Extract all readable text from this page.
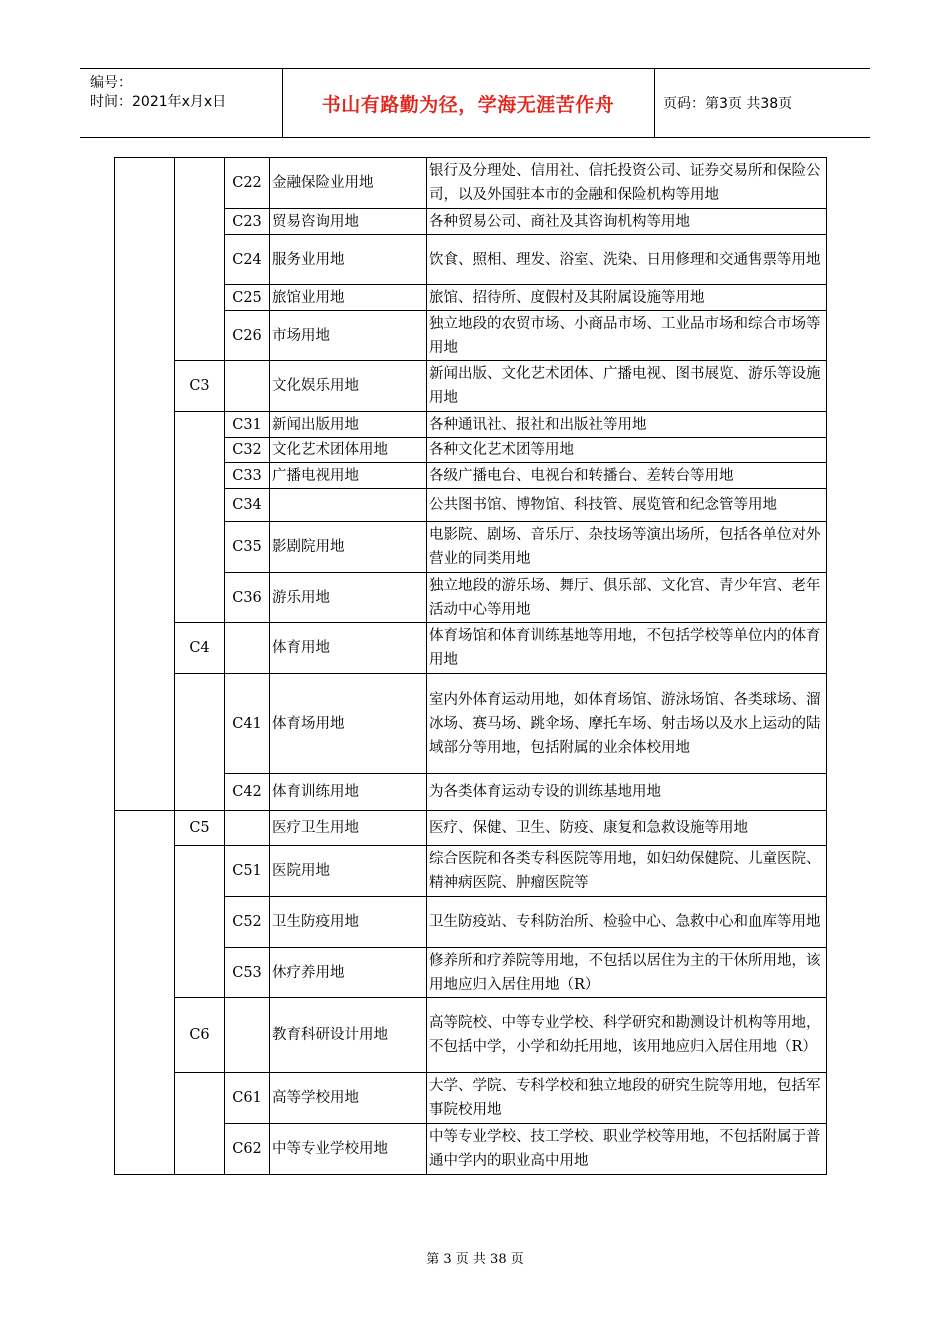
编号：
时间：2021年x月x日	书山有路勤为径，学海无涯苦作舟	页码：第3页 共38页
		C22	金融保险业用地	银行及分理处、信用社、信托投资公司、证券交易所和保险公司，以及外国驻本市的金融和保险机构等用地
		C23	贸易咨询用地	各种贸易公司、商社及其咨询机构等用地
		C24	服务业用地	饮食、照相、理发、浴室、洗染、日用修理和交通售票等用地
		C25	旅馆业用地	旅馆、招待所、度假村及其附属设施等用地
		C26	市场用地	独立地段的农贸市场、小商品市场、工业品市场和综合市场等用地
	C3		文化娱乐用地	新闻出版、文化艺术团体、广播电视、图书展览、游乐等设施用地
		C31	新闻出版用地	各种通讯社、报社和出版社等用地
		C32	文化艺术团体用地	各种文化艺术团等用地
		C33	广播电视用地	各级广播电台、电视台和转播台、差转台等用地
		C34		公共图书馆、博物馆、科技管、展览管和纪念管等用地
		C35	影剧院用地	电影院、剧场、音乐厅、杂技场等演出场所，包括各单位对外营业的同类用地
		C36	游乐用地	独立地段的游乐场、舞厅、俱乐部、文化宫、青少年宫、老年活动中心等用地
	C4		体育用地	体育场馆和体育训练基地等用地，不包括学校等单位内的体育用地
		C41	体育场用地	室内外体育运动用地，如体育场馆、游泳场馆、各类球场、溜冰场、赛马场、跳伞场、摩托车场、射击场以及水上运动的陆域部分等用地，包括附属的业余体校用地
		C42	体育训练用地	为各类体育运动专设的训练基地用地
	C5		医疗卫生用地	医疗、保健、卫生、防疫、康复和急救设施等用地
		C51	医院用地	综合医院和各类专科医院等用地，如妇幼保健院、儿童医院、精神病医院、肿瘤医院等
		C52	卫生防疫用地	卫生防疫站、专科防治所、检验中心、急救中心和血库等用地
		C53	休疗养用地	修养所和疗养院等用地，不包括以居住为主的干休所用地，该用地应归入居住用地（R）
	C6		教育科研设计用地	高等院校、中等专业学校、科学研究和勘测设计机构等用地，不包括中学，小学和幼托用地，该用地应归入居住用地（R）
		C61	高等学校用地	大学、学院、专科学校和独立地段的研究生院等用地，包括军事院校用地
		C62	中等专业学校用地	中等专业学校、技工学校、职业学校等用地，不包括附属于普通中学内的职业高中用地
第 3 页 共 38 页
